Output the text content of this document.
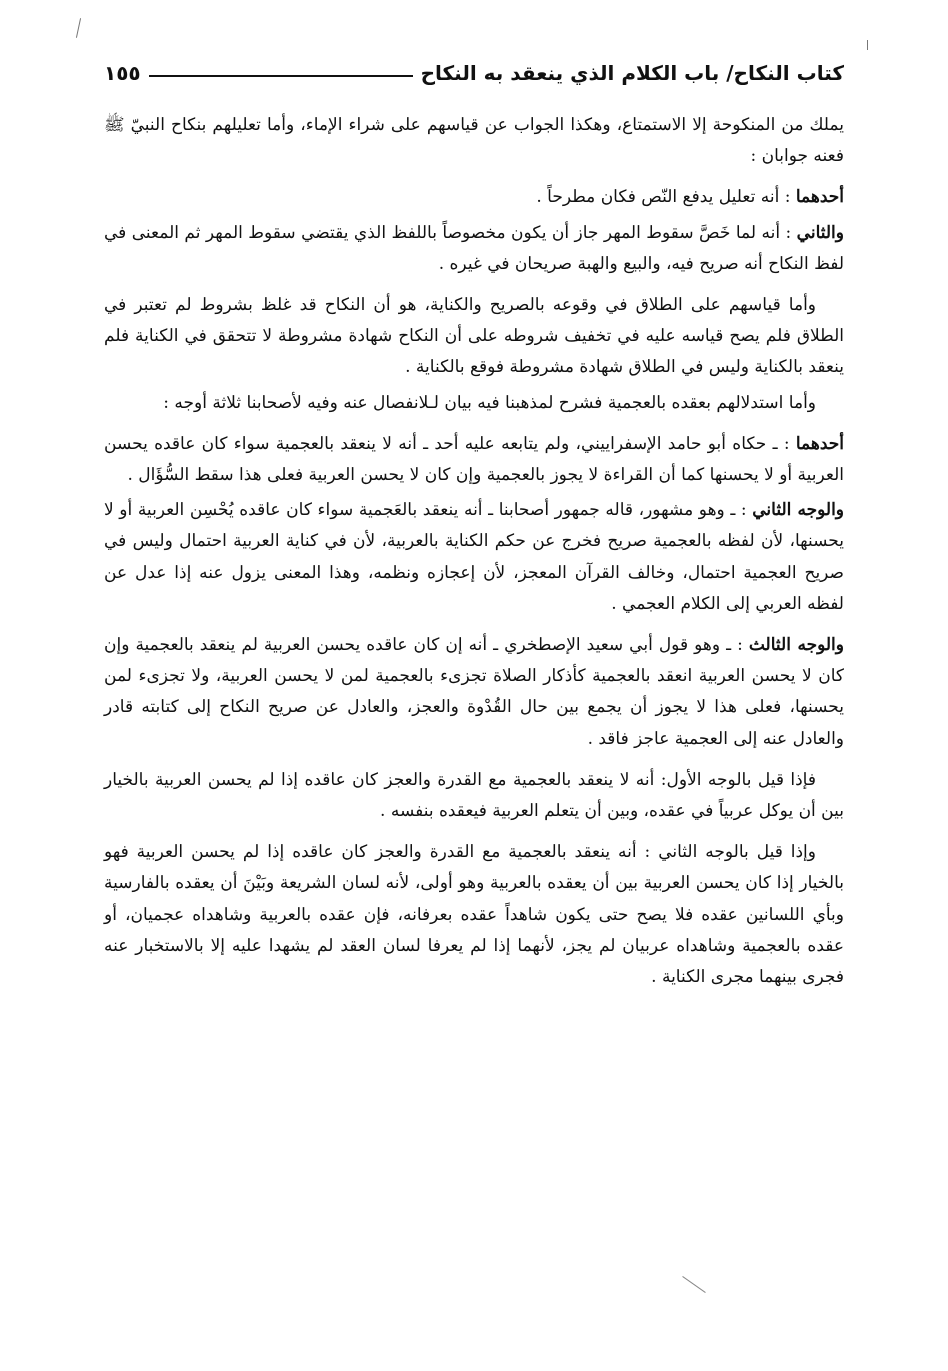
كتاب النكاح/ باب الكلام الذي ينعقد به النكاح
١٥٥

يملك من المنكوحة إلا الاستمتاع، وهكذا الجواب عن قياسهم على شراء الإماء، وأما تعليلهم بنكاح النبيّ ﷺ فعنه جوابان :

أحدهما : أنه تعليل يدفع النّص فكان مطرحاً .

والثاني : أنه لما خَصَّ سقوط المهر جاز أن يكون مخصوصاً باللفظ الذي يقتضي سقوط المهر ثم المعنى في لفظ النكاح أنه صريح فيه، والبيع والهبة صريحان في غيره .

وأما قياسهم على الطلاق في وقوعه بالصريح والكناية، هو أن النكاح قد غلظ بشروط لم تعتبر في الطلاق فلم يصح قياسه عليه في تخفيف شروطه على أن النكاح شهادة مشروطة لا تتحقق في الكناية فلم ينعقد بالكناية وليس في الطلاق شهادة مشروطة فوقع بالكناية .

وأما استدلالهم بعقده بالعجمية فشرح لمذهبنا فيه بيان لـلانفصال عنه وفيه لأصحابنا ثلاثة أوجه :

أحدهما : ـ حكاه أبو حامد الإسفراييني، ولم يتابعه عليه أحد ـ أنه لا ينعقد بالعجمية سواء كان عاقده يحسن العربية أو لا يحسنها كما أن القراءة لا يجوز بالعجمية وإن كان لا يحسن العربية فعلى هذا سقط السُّؤَال .

والوجه الثاني : ـ وهو مشهور، قاله جمهور أصحابنا ـ أنه ينعقد بالعَجمية سواء كان عاقده يُحْسِن العربية أو لا يحسنها، لأن لفظه بالعجمية صريح فخرج عن حكم الكناية بالعربية، لأن في كناية العربية احتمال وليس في صريح العجمية احتمال، وخالف القرآن المعجز، لأن إعجازه ونظمه، وهذا المعنى يزول عنه إذا عدل عن لفظه العربي إلى الكلام العجمي .

والوجه الثالث : ـ وهو قول أبي سعيد الإصطخري ـ أنه إن كان عاقده يحسن العربية لم ينعقد بالعجمية وإن كان لا يحسن العربية انعقد بالعجمية كأذكار الصلاة تجزىء بالعجمية لمن لا يحسن العربية، ولا تجزىء لمن يحسنها، فعلى هذا لا يجوز أن يجمع بين حال القُدْوة والعجز، والعادل عن صريح النكاح إلى كتابته قادر والعادل عنه إلى العجمية عاجز فاقد .

فإذا قيل بالوجه الأول: أنه لا ينعقد بالعجمية مع القدرة والعجز كان عاقده إذا لم يحسن العربية بالخيار بين أن يوكل عربياً في عقده، وبين أن يتعلم العربية فيعقده بنفسه .

وإذا قيل بالوجه الثاني : أنه ينعقد بالعجمية مع القدرة والعجز كان عاقده إذا لم يحسن العربية فهو بالخيار إذا كان يحسن العربية بين أن يعقده بالعربية وهو أولى، لأنه لسان الشريعة وبَيْنَ أن يعقده بالفارسية وبأي اللسانين عقده فلا يصح حتى يكون شاهداً عقده بعرفانه، فإن عقده بالعربية وشاهداه عجميان، أو عقده بالعجمية وشاهداه عربيان لم يجز، لأنهما إذا لم يعرفا لسان العقد لم يشهدا عليه إلا بالاستخبار عنه فجرى بينهما مجرى الكناية .
